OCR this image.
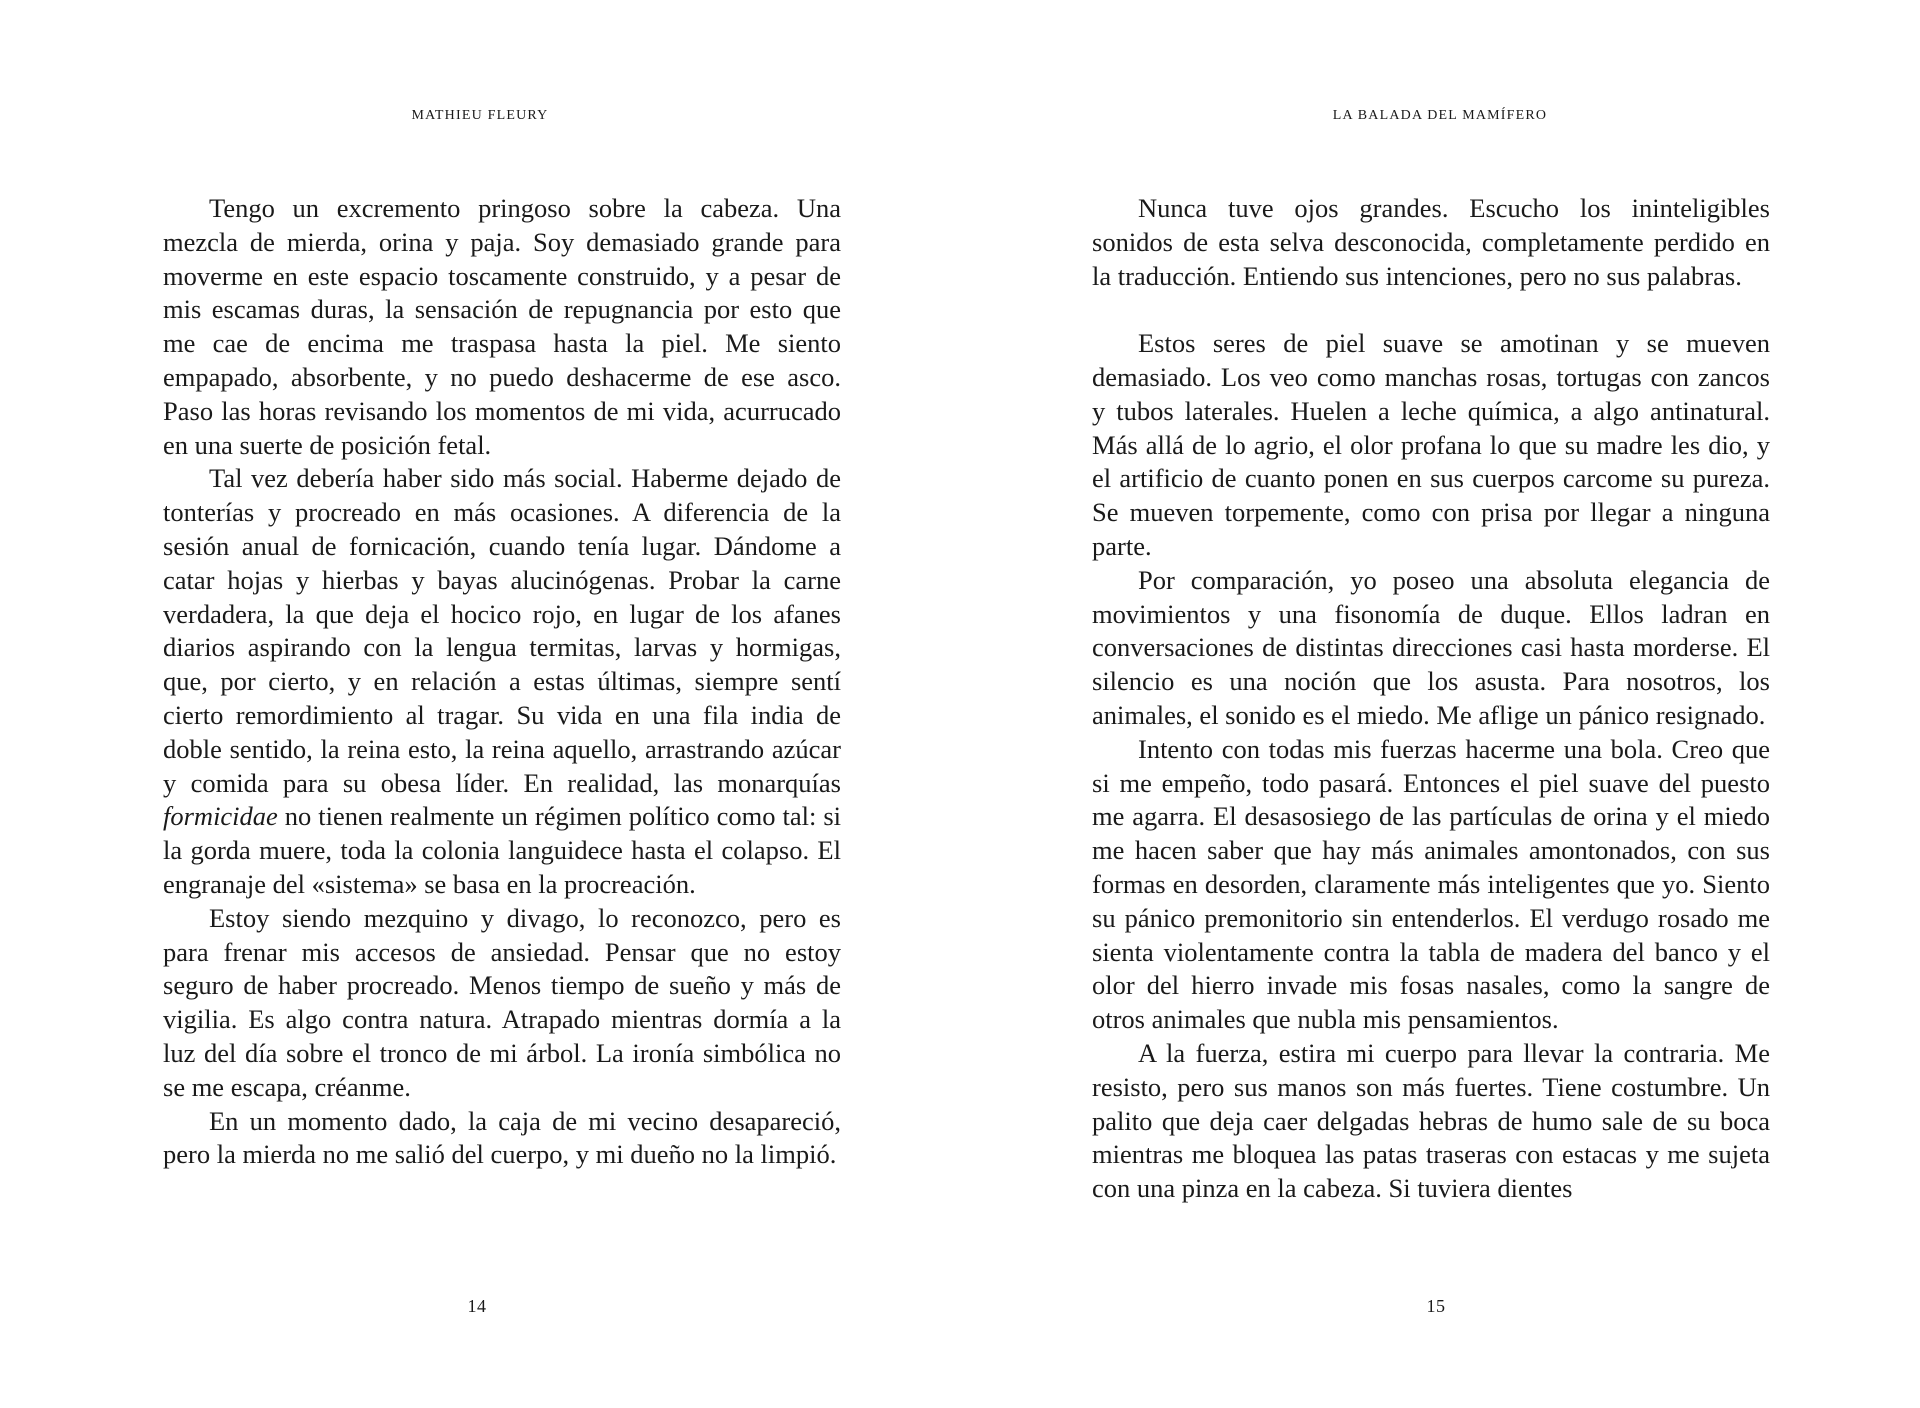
MATHIEU FLEURY

Tengo un excremento pringoso sobre la cabeza. Una mezcla de mierda, orina y paja. Soy demasiado grande para moverme en este espacio toscamente construido, y a pesar de mis escamas duras, la sensación de repugnancia por esto que me cae de encima me traspasa hasta la piel. Me siento empapado, absorbente, y no puedo deshacerme de ese asco. Paso las horas revisando los momentos de mi vida, acurrucado en una suerte de posición fetal.

Tal vez debería haber sido más social. Haberme dejado de tonterías y procreado en más ocasiones. A diferencia de la sesión anual de fornicación, cuando tenía lugar. Dándome a catar hojas y hierbas y bayas alucinógenas. Probar la carne verdadera, la que deja el hocico rojo, en lugar de los afanes diarios aspirando con la lengua termitas, larvas y hormigas, que, por cierto, y en relación a estas últimas, siempre sentí cierto remordimiento al tragar. Su vida en una fila india de doble sentido, la reina esto, la reina aquello, arrastrando azúcar y comida para su obesa líder. En realidad, las monarquías formicidae no tienen realmente un régimen político como tal: si la gorda muere, toda la colonia languidece hasta el colapso. El engranaje del «sistema» se basa en la procreación.

Estoy siendo mezquino y divago, lo reconozco, pero es para frenar mis accesos de ansiedad. Pensar que no estoy seguro de haber procreado. Menos tiempo de sueño y más de vigilia. Es algo contra natura. Atrapado mientras dormía a la luz del día sobre el tronco de mi árbol. La ironía simbólica no se me escapa, créanme.

En un momento dado, la caja de mi vecino desapareció, pero la mierda no me salió del cuerpo, y mi dueño no la limpió.

14
LA BALADA DEL MAMÍFERO

Nunca tuve ojos grandes. Escucho los ininteligibles sonidos de esta selva desconocida, completamente perdido en la traducción. Entiendo sus intenciones, pero no sus palabras.

Estos seres de piel suave se amotinan y se mueven demasiado. Los veo como manchas rosas, tortugas con zancos y tubos laterales. Huelen a leche química, a algo antinatural. Más allá de lo agrio, el olor profana lo que su madre les dio, y el artificio de cuanto ponen en sus cuerpos carcome su pureza. Se mueven torpemente, como con prisa por llegar a ninguna parte.

Por comparación, yo poseo una absoluta elegancia de movimientos y una fisonomía de duque. Ellos ladran en conversaciones de distintas direcciones casi hasta morderse. El silencio es una noción que los asusta. Para nosotros, los animales, el sonido es el miedo. Me aflige un pánico resignado.

Intento con todas mis fuerzas hacerme una bola. Creo que si me empeño, todo pasará. Entonces el piel suave del puesto me agarra. El desasosiego de las partículas de orina y el miedo me hacen saber que hay más animales amontonados, con sus formas en desorden, claramente más inteligentes que yo. Siento su pánico premonitorio sin entenderlos. El verdugo rosado me sienta violentamente contra la tabla de madera del banco y el olor del hierro invade mis fosas nasales, como la sangre de otros animales que nubla mis pensamientos.

A la fuerza, estira mi cuerpo para llevar la contraria. Me resisto, pero sus manos son más fuertes. Tiene costumbre. Un palito que deja caer delgadas hebras de humo sale de su boca mientras me bloquea las patas traseras con estacas y me sujeta con una pinza en la cabeza. Si tuviera dientes

15
